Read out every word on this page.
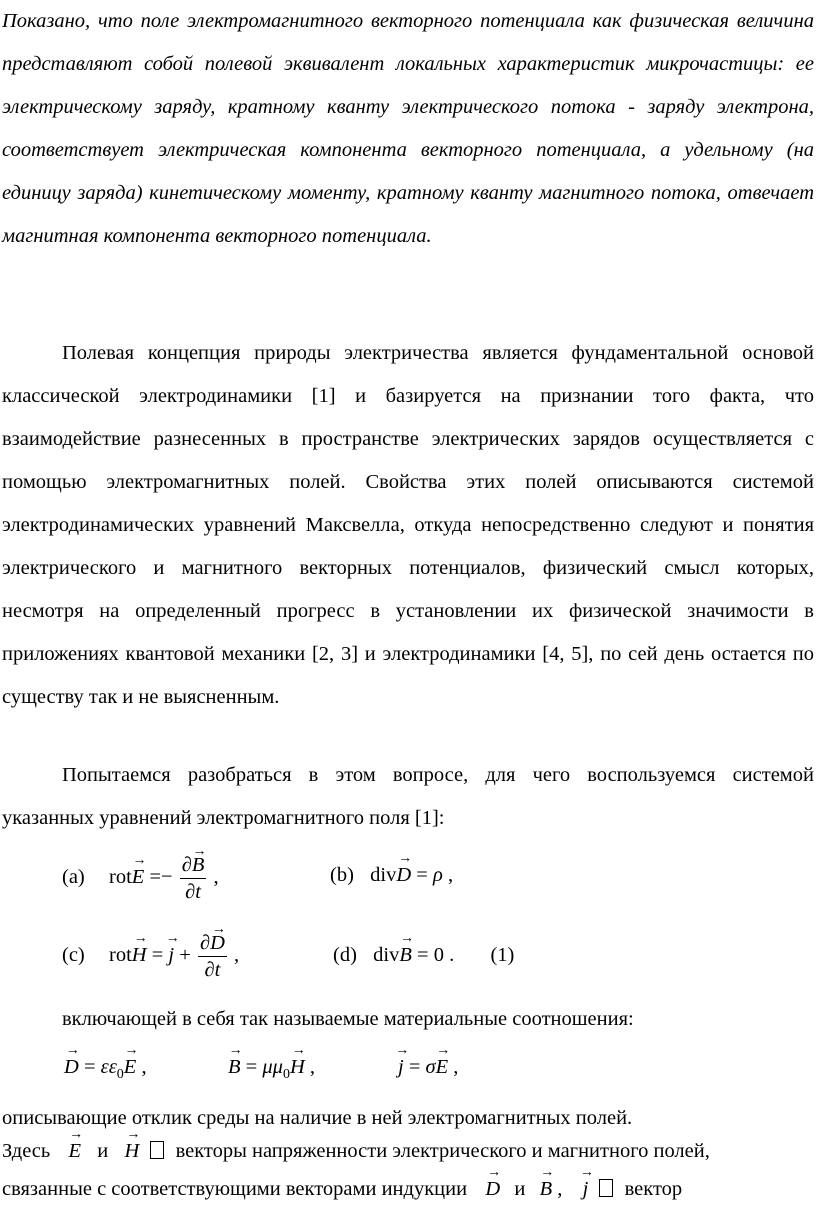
Показано, что поле электромагнитного векторного потенциала как физическая величина представляют собой полевой эквивалент локальных характеристик микрочастицы: ее электрическому заряду, кратному кванту электрического потока - заряду электрона, соответствует электрическая компонента векторного потенциала, а удельному (на единицу заряда) кинетическому моменту, кратному кванту магнитного потока, отвечает магнитная компонента векторного потенциала.

Полевая концепция природы электричества является фундаментальной основой классической электродинамики [1] и базируется на признании того факта, что взаимодействие разнесенных в пространстве электрических зарядов осуществляется с помощью электромагнитных полей. Свойства этих полей описываются системой электродинамических уравнений Максвелла, откуда непосредственно следуют и понятия электрического и магнитного векторных потенциалов, физический смысл которых, несмотря на определенный прогресс в установлении их физической значимости в приложениях квантовой механики [2, 3] и электродинамики [4, 5], по сей день остается по существу так и не выясненным.

Попытаемся разобраться в этом вопросе, для чего воспользуемся системой указанных уравнений электромагнитного поля [1]:

(a) $rot\to E =- \frac{\partial\to B}{\partial t}$ ,	(b) div→ D = ρ ,
(c) rot→ H = → $j + \frac{\partial\to D}{\partial t}$ ,	(d) div→ B = 0 . (1)
включающей в себя так называемые материальные соотношения:
→ $D = \varepsilon\varepsilon_0\to E$ ,	→ $B = \mu\mu_0\to H$ ,	→ j = σ→ E ,
описывающие отклик среды на наличие в ней электромагнитных полей.
Здесь → E и → H векторы напряженности электрического и магнитного полей,
связанные с соответствующими векторами индукции → D и → B , → j вектор
